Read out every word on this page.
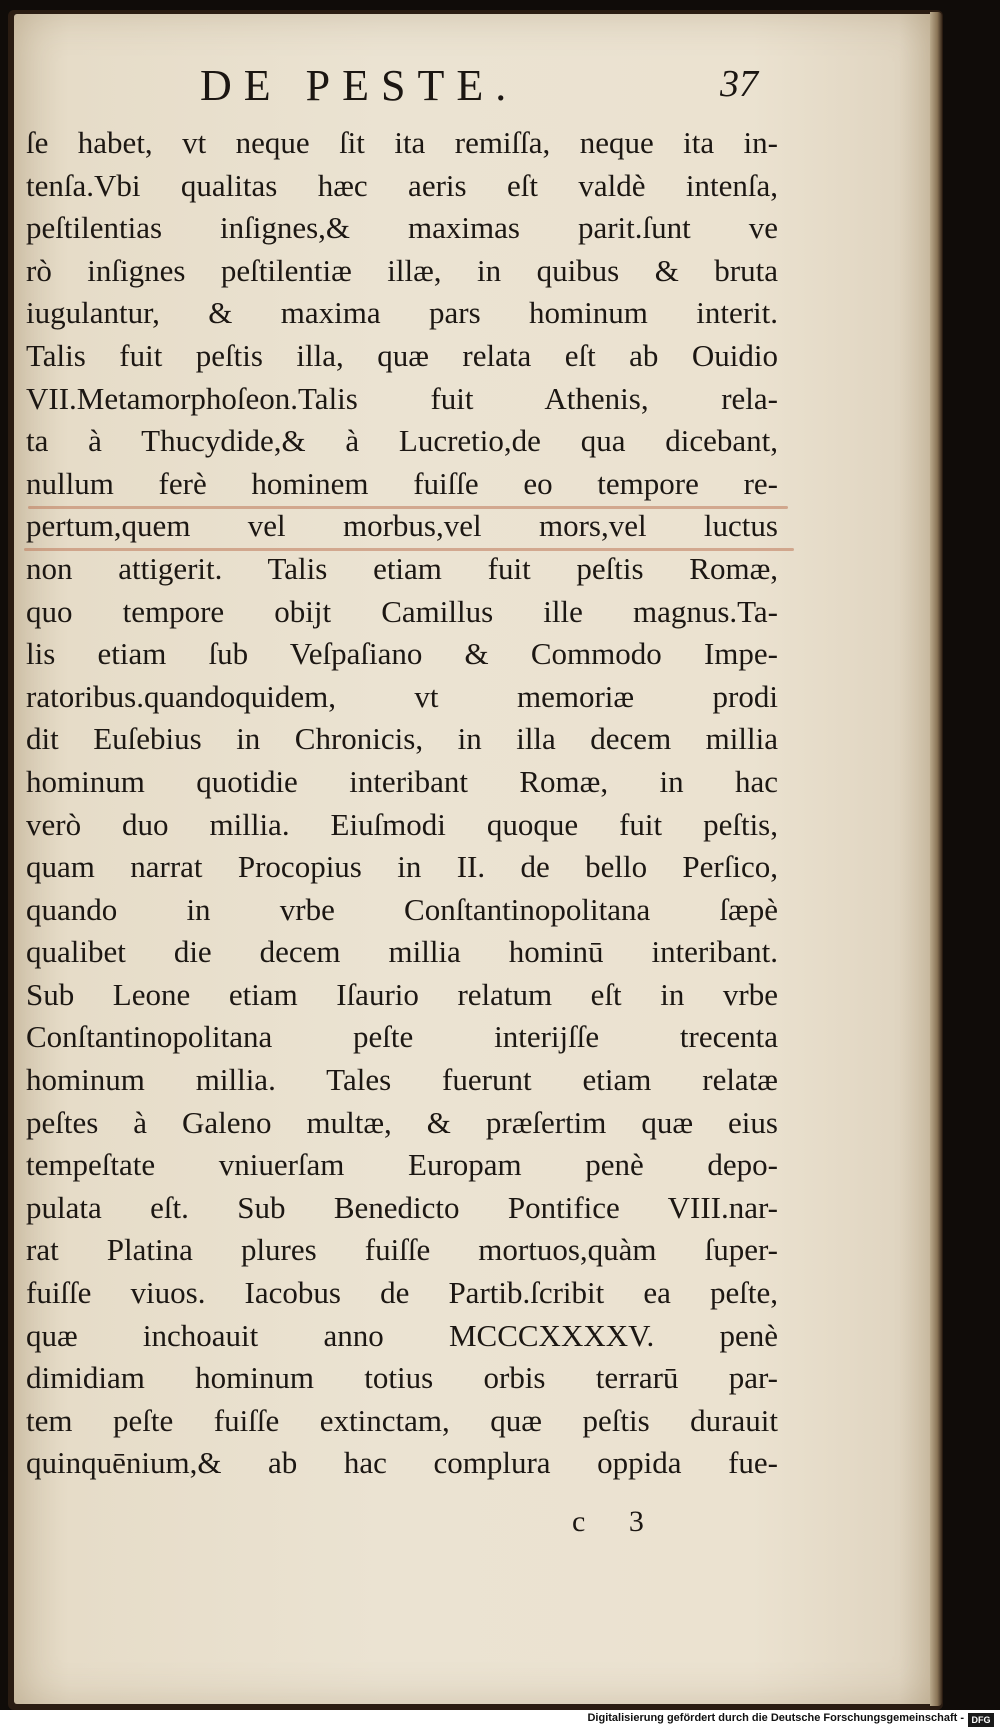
DE PESTE.	37
ſe habet, vt neque ſit ita remiſſa, neque ita in-
tenſa.Vbi qualitas hæc aeris eſt valdè intenſa,
peſtilentias inſignes,& maximas parit.ſunt ve
rò inſignes peſtilentiæ illæ, in quibus & bruta
iugulantur, & maxima pars hominum interit.
Talis fuit peſtis illa, quæ relata eſt ab Ouidio
VII.Metamorphoſeon.Talis fuit Athenis, rela-
ta à Thucydide,& à Lucretio,de qua dicebant,
nullum ferè hominem fuiſſe eo tempore re-
pertum,quem vel morbus,vel mors,vel luctus
non attigerit. Talis etiam fuit peſtis Romæ,
quo tempore obijt Camillus ille magnus.Ta-
lis etiam ſub Veſpaſiano & Commodo Impe-
ratoribus.quandoquidem, vt memoriæ prodi
dit Euſebius in Chronicis, in illa decem millia
hominum quotidie interibant Romæ, in hac
verò duo millia. Eiuſmodi quoque fuit peſtis,
quam narrat Procopius in II. de bello Perſico,
quando in vrbe Conſtantinopolitana ſæpè
qualibet die decem millia hominū interibant.
Sub Leone etiam Iſaurio relatum eſt in vrbe
Conſtantinopolitana peſte interijſſe trecenta
hominum millia. Tales fuerunt etiam relatæ
peſtes à Galeno multæ, & præſertim quæ eius
tempeſtate vniuerſam Europam penè depo-
pulata eſt. Sub Benedicto Pontifice VIII.nar-
rat Platina plures fuiſſe mortuos,quàm ſuper-
fuiſſe viuos. Iacobus de Partib.ſcribit ea peſte,
quæ inchoauit anno MCCCXXXXV. penè
dimidiam hominum totius orbis terrarū par-
tem peſte fuiſſe extinctam, quæ peſtis durauit
quinquēnium,& ab hac complura oppida fue-
c 3
Digitalisierung gefördert durch die Deutsche Forschungsgemeinschaft - DFG
